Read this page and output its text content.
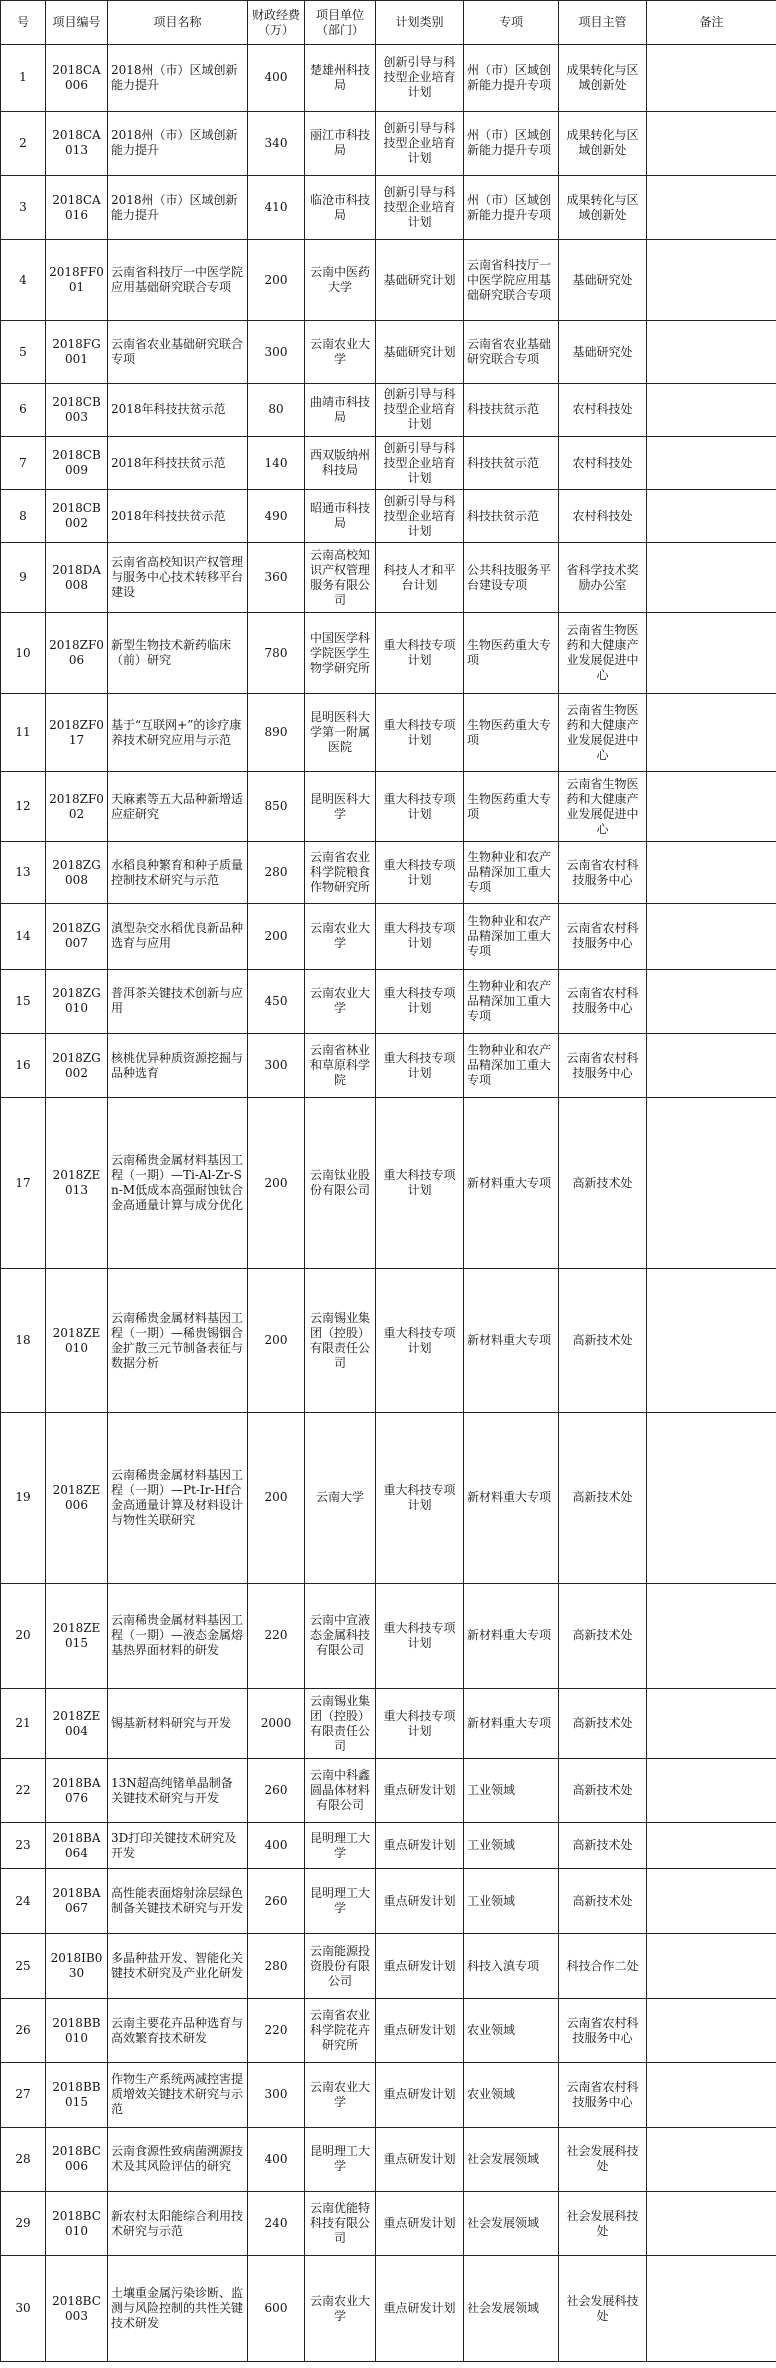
号	项目编号	项目名称	财政经费（万）	项目单位（部门）	计划类别	专项	项目主管	备注
1	2018CA006	2018州（市）区域创新能力提升	400	楚雄州科技局	创新引导与科技型企业培育计划	州（市）区域创新能力提升专项	成果转化与区域创新处	
2	2018CA013	2018州（市）区域创新能力提升	340	丽江市科技局	创新引导与科技型企业培育计划	州（市）区域创新能力提升专项	成果转化与区域创新处	
3	2018CA016	2018州（市）区域创新能力提升	410	临沧市科技局	创新引导与科技型企业培育计划	州（市）区域创新能力提升专项	成果转化与区域创新处	
4	2018FF001	云南省科技厅一中医学院应用基础研究联合专项	200	云南中医药大学	基础研究计划	云南省科技厅一中医学院应用基础研究联合专项	基础研究处	
5	2018FG001	云南省农业基础研究联合专项	300	云南农业大学	基础研究计划	云南省农业基础研究联合专项	基础研究处	
6	2018CB003	2018年科技扶贫示范	80	曲靖市科技局	创新引导与科技型企业培育计划	科技扶贫示范	农村科技处	
7	2018CB009	2018年科技扶贫示范	140	西双版纳州科技局	创新引导与科技型企业培育计划	科技扶贫示范	农村科技处	
8	2018CB002	2018年科技扶贫示范	490	昭通市科技局	创新引导与科技型企业培育计划	科技扶贫示范	农村科技处	
9	2018DA008	云南省高校知识产权管理与服务中心技术转移平台建设	360	云南高校知识产权管理服务有限公司	科技人才和平台计划	公共科技服务平台建设专项	省科学技术奖励办公室	
10	2018ZF006	新型生物技术新药临床（前）研究	780	中国医学科学院医学生物学研究所	重大科技专项计划	生物医药重大专项	云南省生物医药和大健康产业发展促进中心	
11	2018ZF017	基于“互联网+”的诊疗康养技术研究应用与示范	890	昆明医科大学第一附属医院	重大科技专项计划	生物医药重大专项	云南省生物医药和大健康产业发展促进中心	
12	2018ZF002	天麻素等五大品种新增适应症研究	850	昆明医科大学	重大科技专项计划	生物医药重大专项	云南省生物医药和大健康产业发展促进中心	
13	2018ZG008	水稻良种繁育和种子质量控制技术研究与示范	280	云南省农业科学院粮食作物研究所	重大科技专项计划	生物种业和农产品精深加工重大专项	云南省农村科技服务中心	
14	2018ZG007	滇型杂交水稻优良新品种选育与应用	200	云南农业大学	重大科技专项计划	生物种业和农产品精深加工重大专项	云南省农村科技服务中心	
15	2018ZG010	普洱茶关键技术创新与应用	450	云南农业大学	重大科技专项计划	生物种业和农产品精深加工重大专项	云南省农村科技服务中心	
16	2018ZG002	核桃优异种质资源挖掘与品种选育	300	云南省林业和草原科学院	重大科技专项计划	生物种业和农产品精深加工重大专项	云南省农村科技服务中心	
17	2018ZE013	云南稀贵金属材料基因工程（一期）—Ti-Al-Zr-Sn-M低成本高强耐蚀钛合金高通量计算与成分优化	200	云南钛业股份有限公司	重大科技专项计划	新材料重大专项	高新技术处	
18	2018ZE010	云南稀贵金属材料基因工程（一期）—稀贵锡铟合金扩散三元节制备表征与数据分析	200	云南锡业集团（控股）有限责任公司	重大科技专项计划	新材料重大专项	高新技术处	
19	2018ZE006	云南稀贵金属材料基因工程（一期）—Pt-Ir-Hf合金高通量计算及材料设计与物性关联研究	200	云南大学	重大科技专项计划	新材料重大专项	高新技术处	
20	2018ZE015	云南稀贵金属材料基因工程（一期）—液态金属熔基热界面材料的研发	220	云南中宣液态金属科技有限公司	重大科技专项计划	新材料重大专项	高新技术处	
21	2018ZE004	锡基新材料研究与开发	2000	云南锡业集团（控股）有限责任公司	重大科技专项计划	新材料重大专项	高新技术处	
22	2018BA076	13N超高纯锗单晶制备关键技术研究与开发	260	云南中科鑫圆晶体材料有限公司	重点研发计划	工业领域	高新技术处	
23	2018BA064	3D打印关键技术研究及开发	400	昆明理工大学	重点研发计划	工业领域	高新技术处	
24	2018BA067	高性能表面熔射涂层绿色制备关键技术研究与开发	260	昆明理工大学	重点研发计划	工业领域	高新技术处	
25	2018IB030	多晶种盐开发、智能化关键技术研究及产业化研发	280	云南能源投资股份有限公司	重点研发计划	科技入滇专项	科技合作二处	
26	2018BB010	云南主要花卉品种选育与高效繁育技术研发	220	云南省农业科学院花卉研究所	重点研发计划	农业领域	云南省农村科技服务中心	
27	2018BB015	作物生产系统两减控害提质增效关键技术研究与示范	300	云南农业大学	重点研发计划	农业领域	云南省农村科技服务中心	
28	2018BC006	云南食源性致病菌溯源技术及其风险评估的研究	400	昆明理工大学	重点研发计划	社会发展领域	社会发展科技处	
29	2018BC010	新农村太阳能综合利用技术研究与示范	240	云南优能特科技有限公司	重点研发计划	社会发展领域	社会发展科技处	
30	2018BC003	土壤重金属污染诊断、监测与风险控制的共性关键技术研发	600	云南农业大学	重点研发计划	社会发展领域	社会发展科技处	
